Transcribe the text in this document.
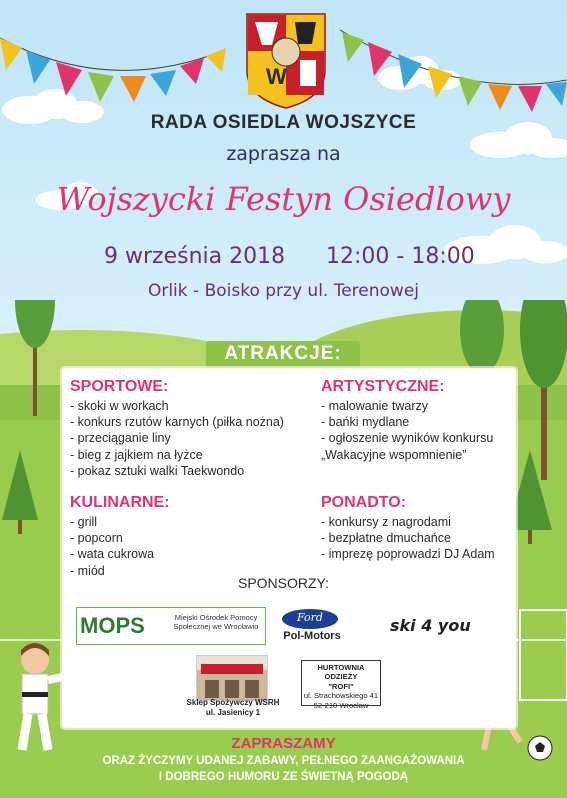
W
RADA OSIEDLA WOJSZYCE
zaprasza na
Wojszycki Festyn Osiedlowy
9 września 2018 12:00 - 18:00
Orlik - Boisko przy ul. Terenowej
ATRAKCJE:
SPORTOWE:
- skoki w workach
- konkurs rzutów karnych (piłka nożna)
- przeciąganie liny
- bieg z jajkiem na łyżce
- pokaz sztuki walki Taekwondo
ARTYSTYCZNE:
- malowanie twarzy
- bańki mydlane
- ogłoszenie wyników konkursu
„Wakacyjne wspomnienie”
KULINARNE:
- grill
- popcorn
- wata cukrowa
- miód
PONADTO:
- konkursy z nagrodami
- bezpłatne dmuchańce
- imprezę poprowadzi DJ Adam
SPONSORZY:
MOPS	Miejski Ośrodek Pomocy Społecznej we Wrocławiu
Ford
Pol-Motors
ski 4 you
Sklep Spożywczy WSRH
ul. Jasienicy 1
HURTOWNIA ODZIEŻY
"ROFI"
ul. Strachowskiego 41
52-210 Wrocław
ZAPRASZAMY
ORAZ ŻYCZYMY UDANEJ ZABAWY, PEŁNEGO ZAANGAŻOWANIA
I DOBREGO HUMORU ZE ŚWIETNĄ POGODĄ
